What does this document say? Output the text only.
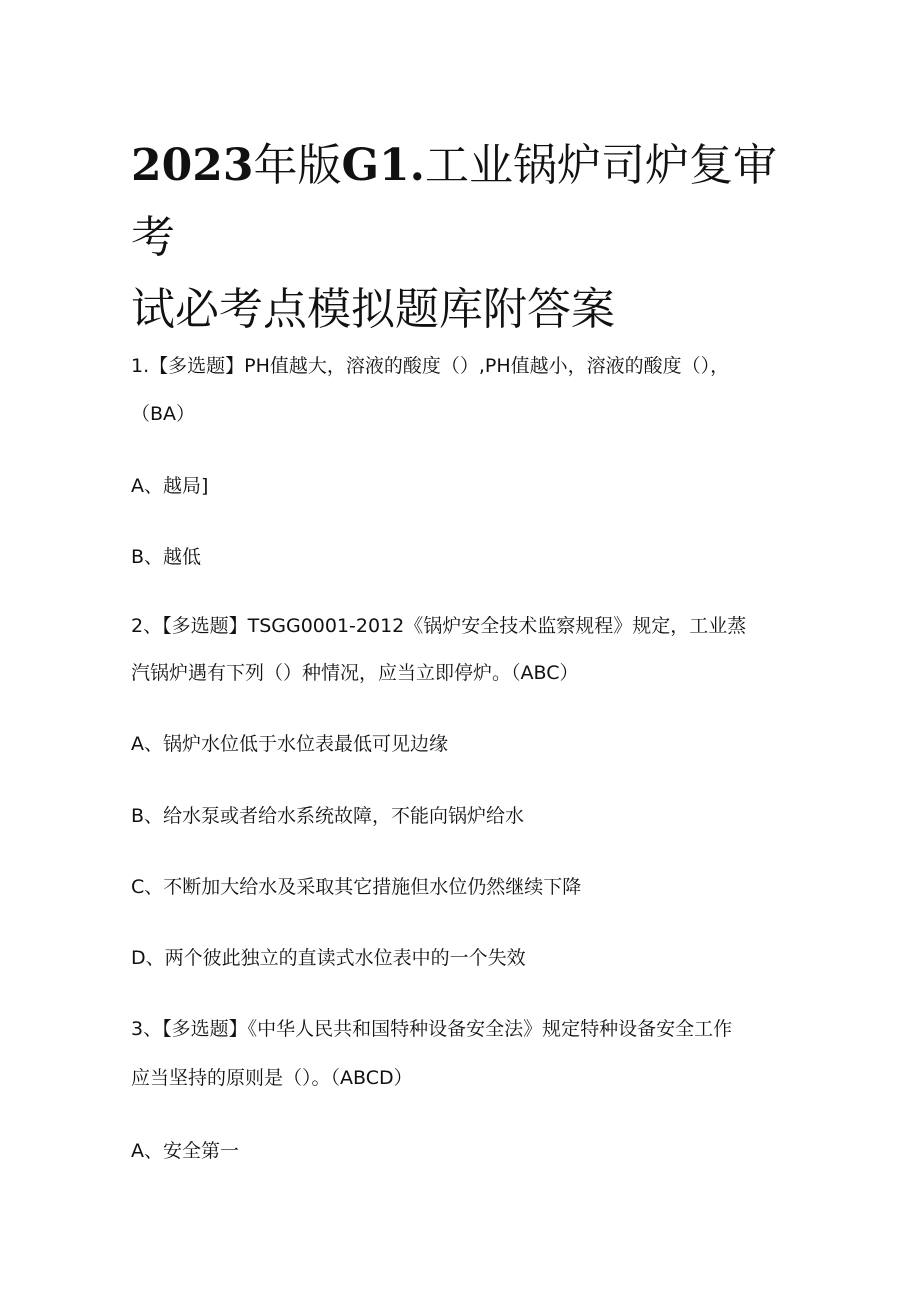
2023年版G1.工业锅炉司炉复审考
试必考点模拟题库附答案
1.【多选题】PH值越大，溶液的酸度（）,PH值越小，溶液的酸度（），
（BA）
A、越局]
B、越低
2、【多选题】TSGG0001-2012《锅炉安全技术监察规程》规定，工业蒸
汽锅炉遇有下列（）种情况，应当立即停炉。（ABC）
A、锅炉水位低于水位表最低可见边缘
B、给水泵或者给水系统故障，不能向锅炉给水
C、不断加大给水及采取其它措施但水位仍然继续下降
D、两个彼此独立的直读式水位表中的一个失效
3、【多选题】《中华人民共和国特种设备安全法》规定特种设备安全工作
应当坚持的原则是（）。（ABCD）
A、安全第一
